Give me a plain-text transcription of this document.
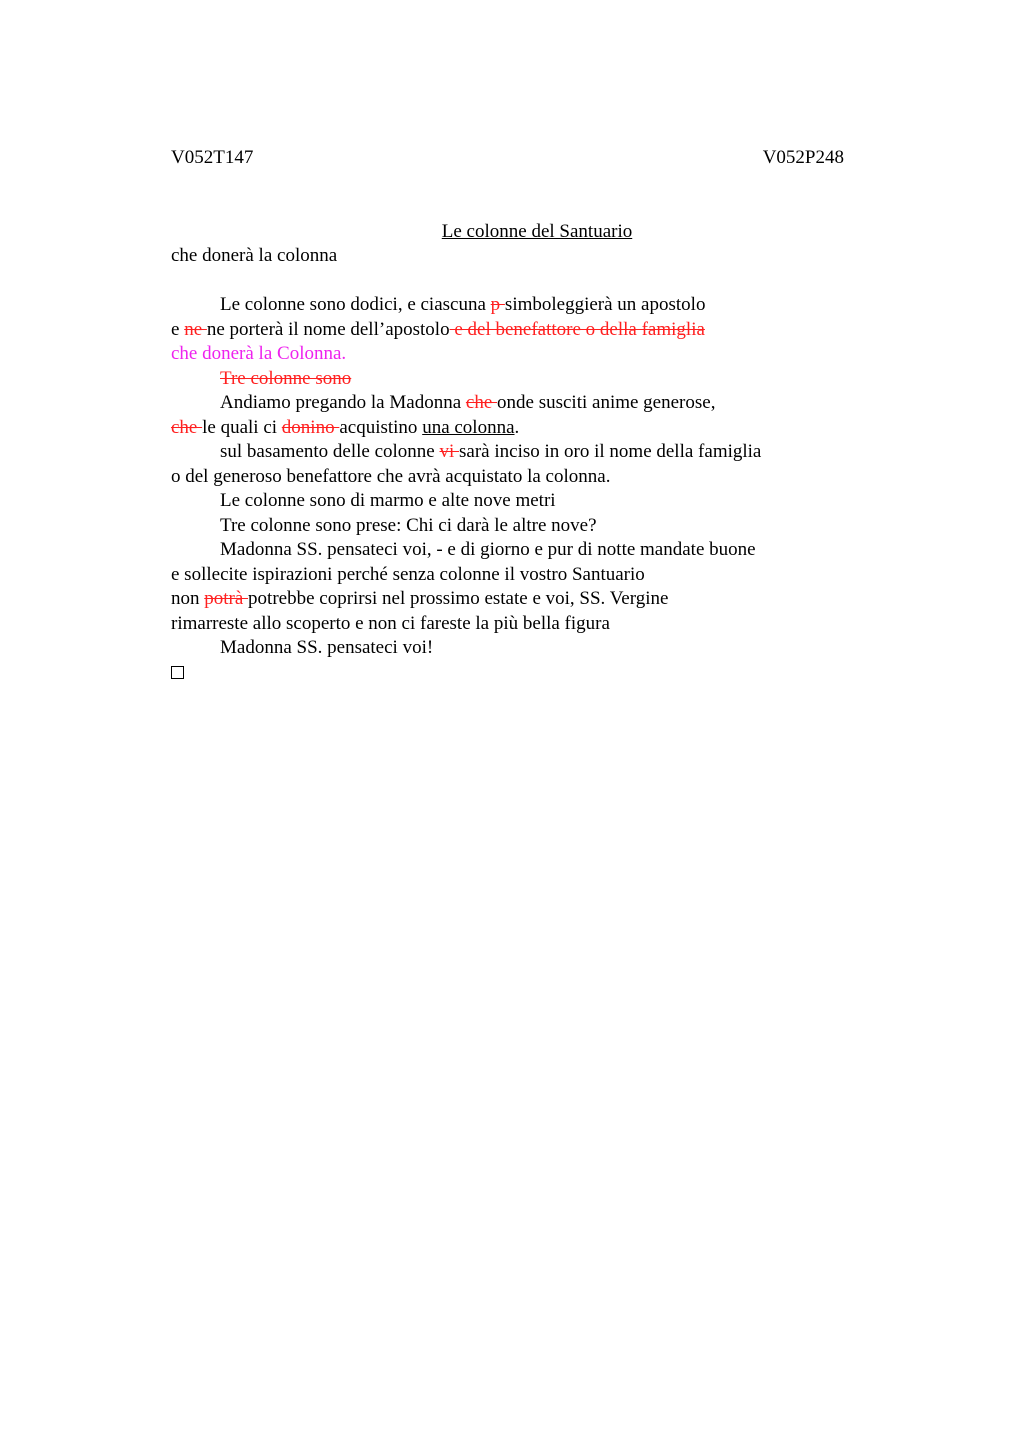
V052T147	V052P248
Le colonne del Santuario
che donerà la colonna
Le colonne sono dodici, e ciascuna p simboleggierà un apostolo
e ne ne porterà il nome dell’apostolo e del benefattore o della famiglia
che donerà la Colonna.
Tre colonne sono
Andiamo pregando la Madonna che onde susciti anime generose,
che le quali ci donino acquistino una colonna.
sul basamento delle colonne vi sarà inciso in oro il nome della famiglia
o del generoso benefattore che avrà acquistato la colonna.
Le colonne sono di marmo e alte nove metri
Tre colonne sono prese: Chi ci darà le altre nove?
Madonna SS. pensateci voi, - e di giorno e pur di notte mandate buone
e sollecite ispirazioni perché senza colonne il vostro Santuario
non potrà potrebbe coprirsi nel prossimo estate e voi, SS. Vergine
rimarreste allo scoperto e non ci fareste la più bella figura
Madonna SS. pensateci voi!
